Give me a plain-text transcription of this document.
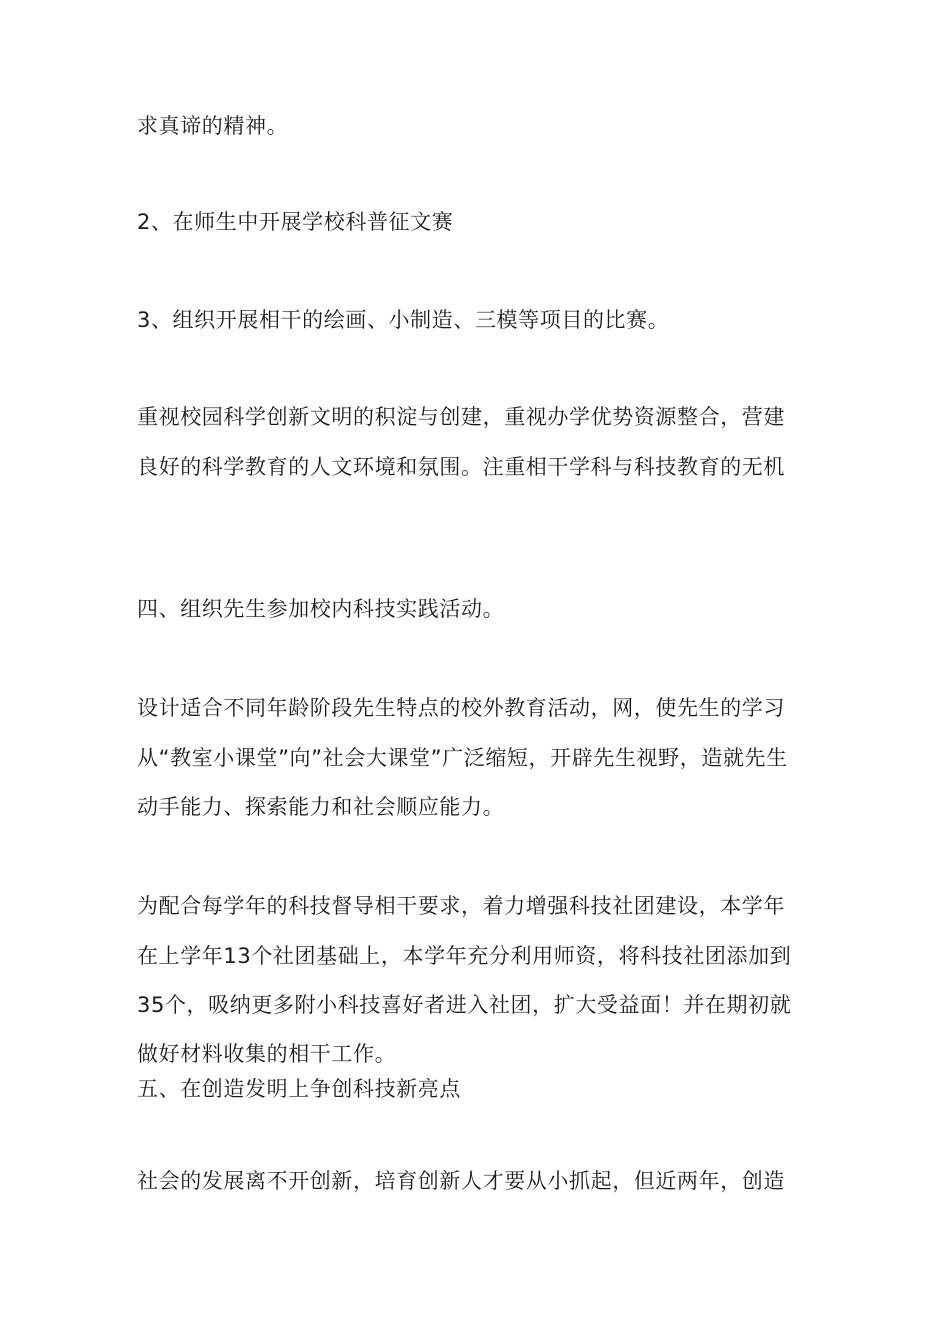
求真谛的精神。

2、在师生中开展学校科普征文赛

3、组织开展相干的绘画、小制造、三模等项目的比赛。

重视校园科学创新文明的积淀与创建，重视办学优势资源整合，营建

良好的科学教育的人文环境和氛围。注重相干学科与科技教育的无机

四、组织先生参加校内科技实践活动。

设计适合不同年龄阶段先生特点的校外教育活动，网，使先生的学习

从“教室小课堂”向”社会大课堂”广泛缩短，开辟先生视野，造就先生

动手能力、探索能力和社会顺应能力。

为配合每学年的科技督导相干要求，着力增强科技社团建设，本学年

在上学年13个社团基础上，本学年充分利用师资，将科技社团添加到

35个，吸纳更多附小科技喜好者进入社团，扩大受益面！并在期初就

做好材料收集的相干工作。

五、在创造发明上争创科技新亮点

社会的发展离不开创新，培育创新人才要从小抓起，但近两年，创造
